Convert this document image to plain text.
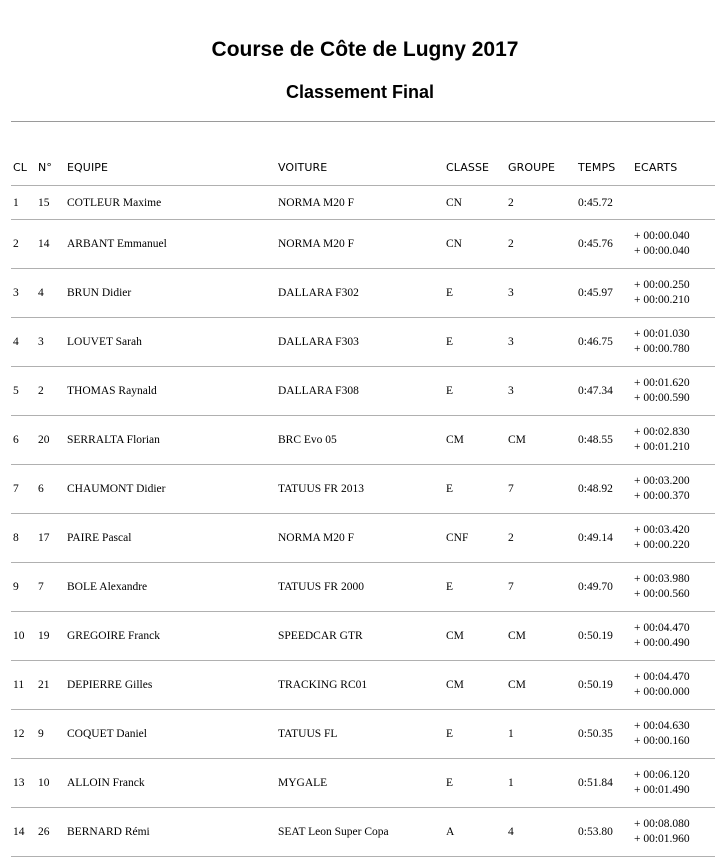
Course de Côte de Lugny 2017
Classement Final
CL	N°	EQUIPE	VOITURE	CLASSE	GROUPE	TEMPS	ECARTS
1	15	COTLEUR Maxime	NORMA M20 F	CN	2	0:45.72	

2	14	ARBANT Emmanuel	NORMA M20 F	CN	2	0:45.76	+ 00:00.040
+ 00:00.040

3	4	BRUN Didier	DALLARA F302	E	3	0:45.97	+ 00:00.250
+ 00:00.210

4	3	LOUVET Sarah	DALLARA F303	E	3	0:46.75	+ 00:01.030
+ 00:00.780

5	2	THOMAS Raynald	DALLARA F308	E	3	0:47.34	+ 00:01.620
+ 00:00.590

6	20	SERRALTA Florian	BRC Evo 05	CM	CM	0:48.55	+ 00:02.830
+ 00:01.210

7	6	CHAUMONT Didier	TATUUS FR 2013	E	7	0:48.92	+ 00:03.200
+ 00:00.370

8	17	PAIRE Pascal	NORMA M20 F	CNF	2	0:49.14	+ 00:03.420
+ 00:00.220

9	7	BOLE Alexandre	TATUUS FR 2000	E	7	0:49.70	+ 00:03.980
+ 00:00.560

10	19	GREGOIRE Franck	SPEEDCAR GTR	CM	CM	0:50.19	+ 00:04.470
+ 00:00.490

11	21	DEPIERRE Gilles	TRACKING RC01	CM	CM	0:50.19	+ 00:04.470
+ 00:00.000

12	9	COQUET Daniel	TATUUS FL	E	1	0:50.35	+ 00:04.630
+ 00:00.160

13	10	ALLOIN Franck	MYGALE	E	1	0:51.84	+ 00:06.120
+ 00:01.490

14	26	BERNARD Rémi	SEAT Leon Super Copa	A	4	0:53.80	+ 00:08.080
+ 00:01.960
